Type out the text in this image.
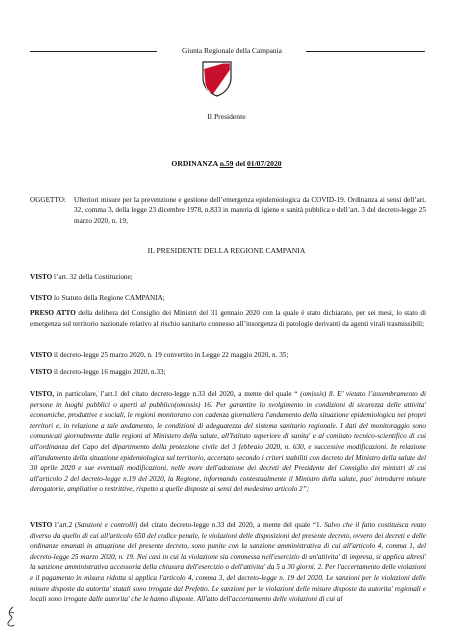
Giunta Regionale della Campania
Il Presidente
ORDINANZA n.59 del 01/07/2020
OGGETTO: Ulteriori misure per la prevenzione e gestione dell’emergenza epidemiologica da COVID-19. Ordinanza ai sensi dell’art. 32, comma 3, della legge 23 dicembre 1978, n.833 in materia di igiene e sanità pubblica e dell’art. 3 del decreto-legge 25 marzo 2020, n. 19,
IL PRESIDENTE DELLA REGIONE CAMPANIA
VISTO l’art. 32 della Costituzione;
VISTO lo Statuto della Regione CAMPANIA;
PRESO ATTO della delibera del Consiglio dei Ministri del 31 gennaio 2020 con la quale è stato dichiarato, per sei mesi, lo stato di emergenza sul territorio nazionale relativo al rischio sanitario connesso all’insorgenza di patologie derivanti da agenti virali trasmissibili;
VISTO il decreto-legge 25 marzo 2020, n. 19 convertito in Legge 22 maggio 2020, n. 35;
VISTO il decreto-legge 16 maggio 2020, n.33;
VISTO, in particolare, l’art.1 del citato decreto-legge n.33 del 2020, a mente del quale “ (omissis) 8. E’ vietato l’assembramento di persone in luoghi pubblici o aperti al pubblico(omissis) 16. Per garantire lo svolgimento in condizioni di sicurezza delle attivita' economiche, produttive e sociali, le regioni monitorano con cadenza giornaliera l'andamento della situazione epidemiologica nei propri territori e, in relazione a tale andamento, le condizioni di adeguatezza del sistema sanitario regionale. I dati del monitoraggio sono comunicati giornalmente dalle regioni al Ministero della salute, all'Istituto superiore di sanita' e al comitato tecnico-scientifico di cui all'ordinanza del Capo del dipartimento della protezione civile del 3 febbraio 2020, n. 630, e successive modificazioni. In relazione all'andamento della situazione epidemiologica sul territorio, accertato secondo i criteri stabiliti con decreto del Ministro della salute del 30 aprile 2020 e sue eventuali modificazioni, nelle more dell'adozione dei decreti del Presidente del Consiglio dei ministri di cui all'articolo 2 del decreto-legge n.19 del 2020, la Regione, informando contestualmente il Ministro della salute, puo' introdurre misure derogatorie, ampliative o restrittive, rispetto a quelle disposte ai sensi del medesimo articolo 2”;
VISTO l’art.2 (Sanzioni e controlli) del citato decreto-legge n.33 del 2020, a mente del quale “1. Salvo che il fatto costituisca reato diverso da quello di cui all'articolo 650 del codice penale, le violazioni delle disposizioni del presente decreto, ovvero dei decreti e delle ordinanze emanati in attuazione del presente decreto, sono punite con la sanzione amministrativa di cui all'articolo 4, comma 1, del decreto-legge 25 marzo 2020, n. 19. Nei casi in cui la violazione sia commessa nell'esercizio di un'attivita' di impresa, si applica altresi' la sanzione amministrativa accessoria della chiusura dell'esercizio o dell'attivita' da 5 a 30 giorni. 2. Per l'accertamento delle violazioni e il pagamento in misura ridotta si applica l'articolo 4, comma 3, del decreto-legge n. 19 del 2020. Le sanzioni per le violazioni delle misure disposte da autorita' statali sono irrogate dal Prefetto. Le sanzioni per le violazioni delle misure disposte da autorita' regionali e locali sono irrogate dalle autorita' che le hanno disposte. All'atto dell'accertamento delle violazioni di cui al
